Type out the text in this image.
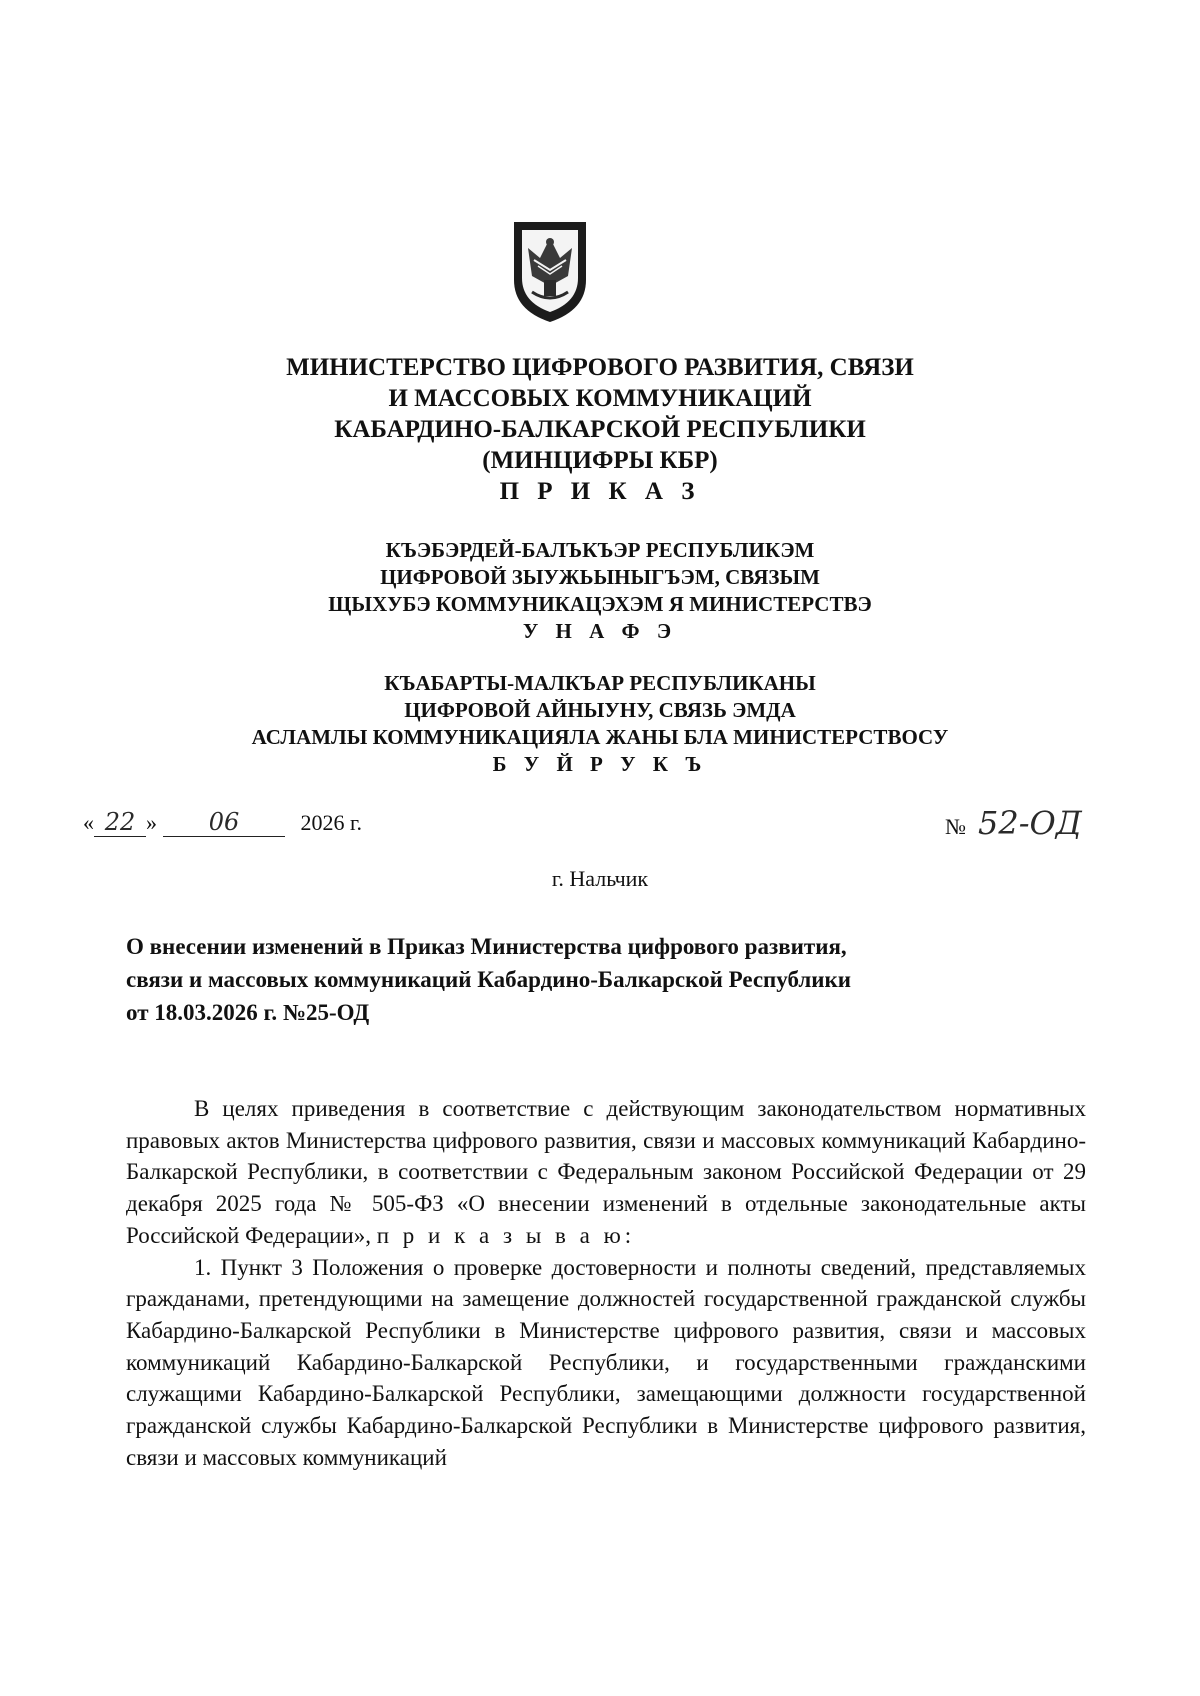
МИНИСТЕРСТВО ЦИФРОВОГО РАЗВИТИЯ, СВЯЗИ
И МАССОВЫХ КОММУНИКАЦИЙ
КАБАРДИНО-БАЛКАРСКОЙ РЕСПУБЛИКИ
(МИНЦИФРЫ КБР)
П Р И К А З
КЪЭБЭРДЕЙ-БАЛЪКЪЭР РЕСПУБЛИКЭМ
ЦИФРОВОЙ ЗЫУЖЬЫНЫГЪЭМ, СВЯЗЫМ
ЩЫХУБЭ КОММУНИКАЦЭХЭМ Я МИНИСТЕРСТВЭ
У Н А Ф Э
КЪАБАРТЫ-МАЛКЪАР РЕСПУБЛИКАНЫ
ЦИФРОВОЙ АЙНЫУНУ, СВЯЗЬ ЭМДА
АСЛАМЛЫ КОММУНИКАЦИЯЛА ЖАНЫ БЛА МИНИСТЕРСТВОСУ
Б У Й Р У К Ъ
« 22 » 06	2026 г.	№ 52-ОД
г. Нальчик
О внесении изменений в Приказ Министерства цифрового развития,
связи и массовых коммуникаций Кабардино-Балкарской Республики
от 18.03.2026 г. №25-ОД

В целях приведения в соответствие с действующим законодательством нормативных правовых актов Министерства цифрового развития, связи и массовых коммуникаций Кабардино-Балкарской Республики, в соответствии с Федеральным законом Российской Федерации от 29 декабря 2025 года № 505-ФЗ «О внесении изменений в отдельные законодательные акты Российской Федерации», п р и к а з ы в а ю:

1. Пункт 3 Положения о проверке достоверности и полноты сведений, представляемых гражданами, претендующими на замещение должностей государственной гражданской службы Кабардино-Балкарской Республики в Министерстве цифрового развития, связи и массовых коммуникаций Кабардино-Балкарской Республики, и государственными гражданскими служащими Кабардино-Балкарской Республики, замещающими должности государственной гражданской службы Кабардино-Балкарской Республики в Министерстве цифрового развития, связи и массовых коммуникаций
